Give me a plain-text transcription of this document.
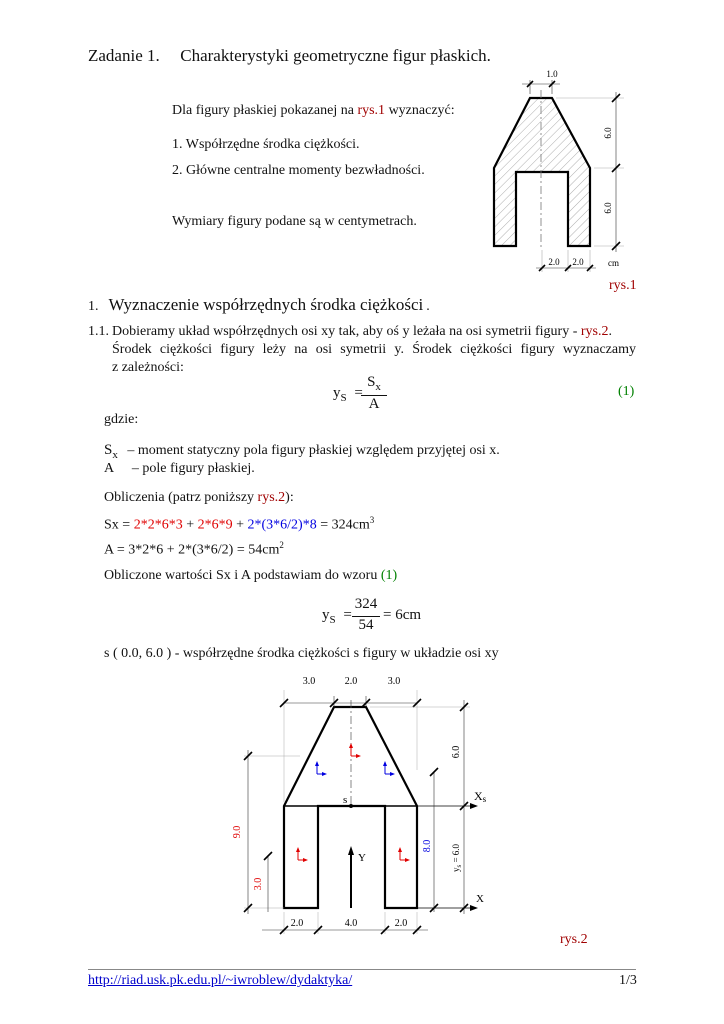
Zadanie 1. Charakterystyki geometryczne figur płaskich.
Dla figury płaskiej pokazanej na rys.1 wyznaczyć:
1. Współrzędne środka ciężkości.
2. Główne centralne momenty bezwładności.
Wymiary figury podane są w centymetrach.
1.0
6.0
6.0
2.0 2.0	cm
rys.1
1. Wyznaczenie współrzędnych środka ciężkości .
1.1. Dobieramy układ współrzędnych osi xy tak, aby oś y leżała na osi symetrii figury - rys.2.
Środek ciężkości figury leży na osi symetrii y. Środek ciężkości figury wyznaczamy
z zależności:
$y_S$ =
$S_x$
A
(1)
gdzie:
$S_x$ – moment statyczny pola figury płaskiej względem przyjętej osi x.
A – pole figury płaskiej.
Obliczenia (patrz poniższy rys.2):
$Sx = 2*2*6*3 + 2*6*9 + 2*(3*6/2)*8 = 324cm^3$
$A = 3*2*6 + 2*(3*6/2) = 54cm^2$
Obliczone wartości Sx i A podstawiam do wzoru (1)
$y_S$ =
324
54
= 6cm
s ( 0.0, 6.0 ) - współrzędne środka ciężkości s figury w układzie osi xy
3.0	2.0	3.0
2.0	4.0	2.0
9.0
3.0
6.0
8.0
$y_s = 6.0$
s
Y
Xs
X
rys.2
http://riad.usk.pk.edu.pl/~iwroblew/dydaktyka/	1/3
